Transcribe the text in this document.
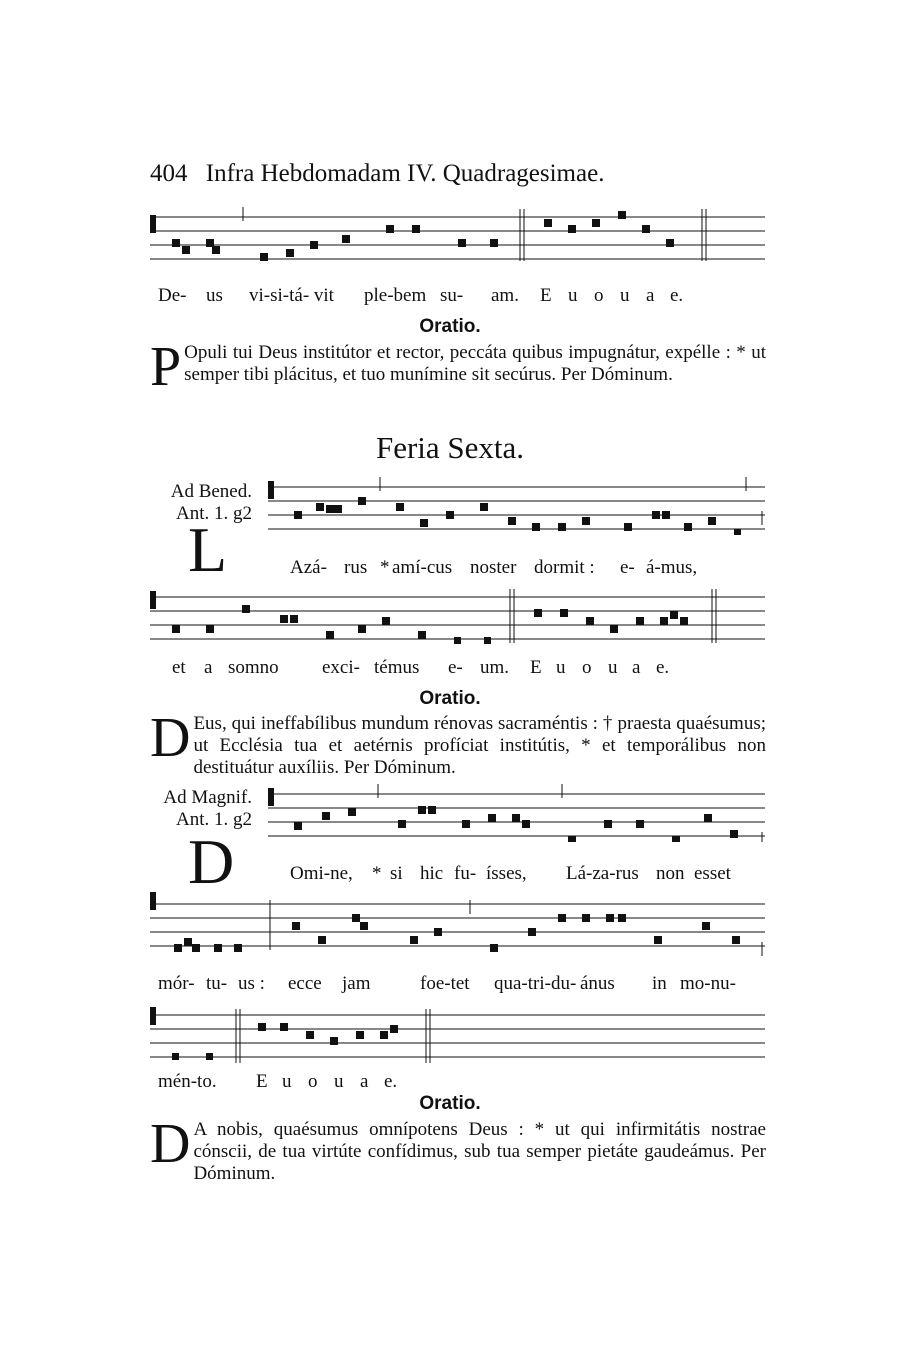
404 Infra Hebdomadam IV. Quadragesimae.
De- us vi-si-tá- vit ple-bem su- am. E u o u a e.
Oratio.

P Opuli tui Deus institútor et rector, peccáta quibus impugnátur, expélle : * ut semper tibi plácitus, et tuo munímine sit secúrus. Per Dóminum.

Feria Sexta.
Ad Bened.
Ant. 1. g2
L	Azá- rus * amí-cus noster dormit : e- á-mus,
et a somno exci- témus e- um. E u o u a e.
Oratio.

D Eus, qui ineffabílibus mundum rénovas sacraméntis : † praesta quaésumus; ut Ecclésia tua et aetérnis profíciat institútis, * et temporálibus non destituátur auxíliis. Per Dóminum.

Ad Magnif.
Ant. 1. g2
D	Omi-ne, * si hic fu- ísses, Lá-za-rus non esset
mór- tu- us : ecce jam	foe-tet qua-tri-du- ánus in mo-nu-
mén-to. E u o u a e.
Oratio.

D A nobis, quaésumus omnípotens Deus : * ut qui infirmitátis nostrae cónscii, de tua virtúte confídimus, sub tua semper pietáte gaudeámus. Per Dóminum.
